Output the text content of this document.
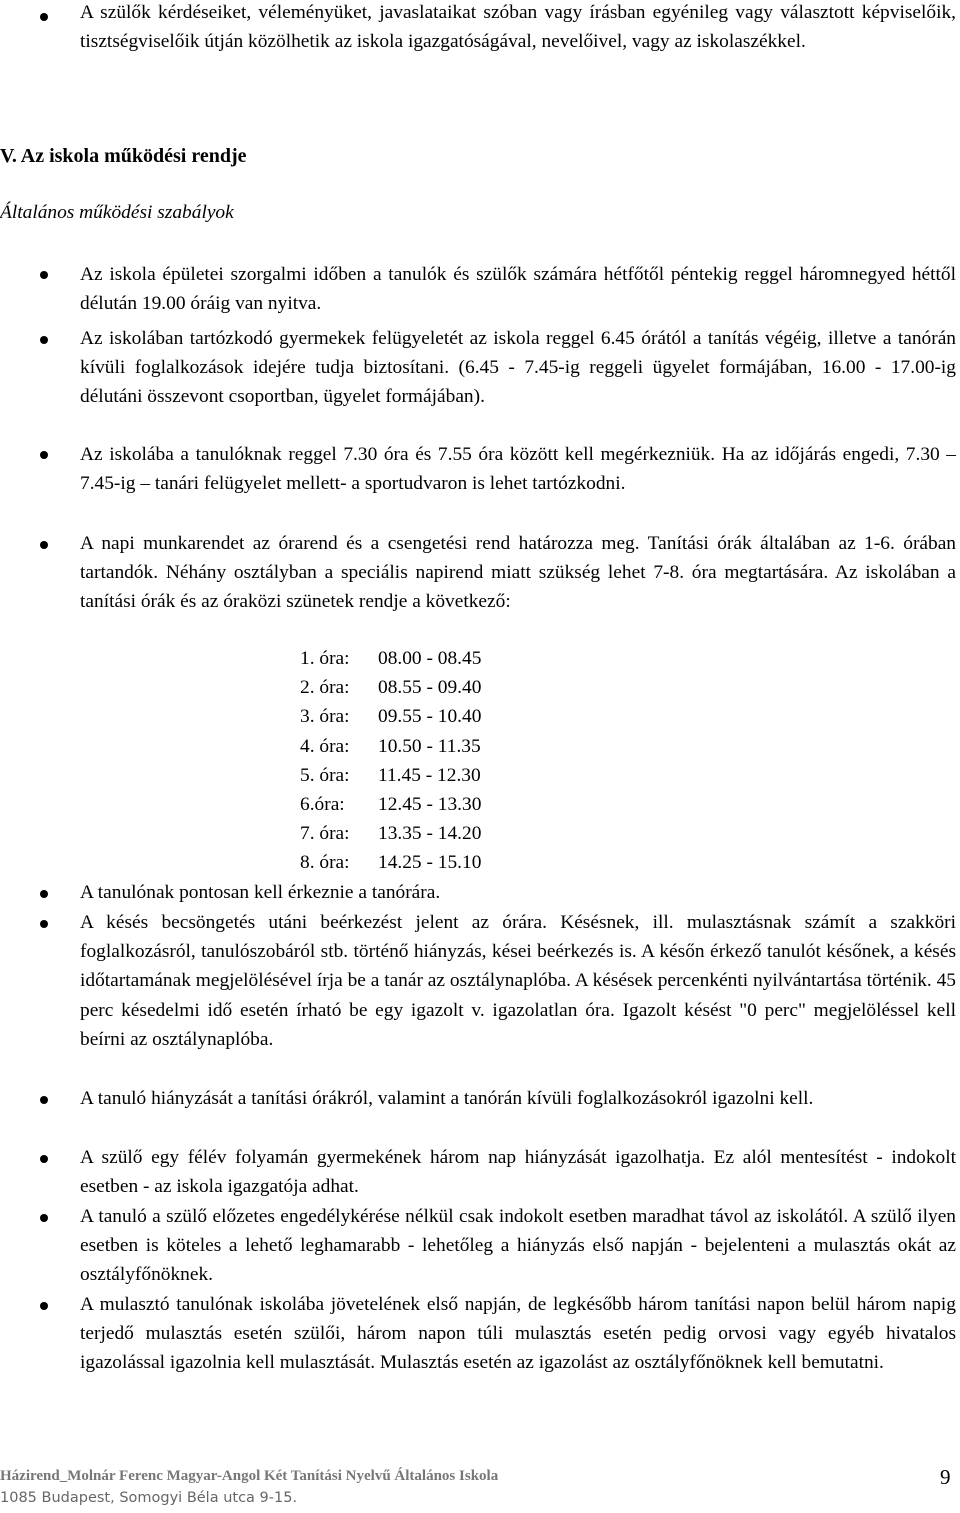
A szülők kérdéseiket, véleményüket, javaslataikat szóban vagy írásban egyénileg vagy választott képviselőik, tisztségviselőik útján közölhetik az iskola igazgatóságával, nevelőivel, vagy az iskolaszékkel.

V. Az iskola működési rendje
Általános működési szabályok

Az iskola épületei szorgalmi időben a tanulók és szülők számára hétfőtől péntekig reggel háromnegyed héttől délután 19.00 óráig van nyitva.

Az iskolában tartózkodó gyermekek felügyeletét az iskola reggel 6.45 órától a tanítás végéig, illetve a tanórán kívüli foglalkozások idejére tudja biztosítani. (6.45 - 7.45-ig reggeli ügyelet formájában, 16.00 - 17.00-ig délutáni összevont csoportban, ügyelet formájában).

Az iskolába a tanulóknak reggel 7.30 óra és 7.55 óra között kell megérkezniük. Ha az időjárás engedi, 7.30 – 7.45-ig – tanári felügyelet mellett- a sportudvaron is lehet tartózkodni.

A napi munkarendet az órarend és a csengetési rend határozza meg. Tanítási órák általában az 1-6. órában tartandók. Néhány osztályban a speciális napirend miatt szükség lehet 7-8. óra megtartására. Az iskolában a tanítási órák és az óraközi szünetek rendje a következő:

1. óra:	08.00 - 08.45
2. óra:	08.55 - 09.40
3. óra:	09.55 - 10.40
4. óra:	10.50 - 11.35
5. óra:	11.45 - 12.30
6.óra:	12.45 - 13.30
7. óra:	13.35 - 14.20
8. óra:	14.25 - 15.10

A tanulónak pontosan kell érkeznie a tanórára.

A késés becsöngetés utáni beérkezést jelent az órára. Késésnek, ill. mulasztásnak számít a szakköri foglalkozásról, tanulószobáról stb. történő hiányzás, kései beérkezés is. A későn érkező tanulót későnek, a késés időtartamának megjelölésével írja be a tanár az osztálynaplóba. A késések percenkénti nyilvántartása történik. 45 perc késedelmi idő esetén írható be egy igazolt v. igazolatlan óra. Igazolt késést "0 perc" megjelöléssel kell beírni az osztálynaplóba.

A tanuló hiányzását a tanítási órákról, valamint a tanórán kívüli foglalkozásokról igazolni kell.

A szülő egy félév folyamán gyermekének három nap hiányzását igazolhatja. Ez alól mentesítést - indokolt esetben - az iskola igazgatója adhat.

A tanuló a szülő előzetes engedélykérése nélkül csak indokolt esetben maradhat távol az iskolától. A szülő ilyen esetben is köteles a lehető leghamarabb - lehetőleg a hiányzás első napján - bejelenteni a mulasztás okát az osztályfőnöknek.

A mulasztó tanulónak iskolába jövetelének első napján, de legkésőbb három tanítási napon belül három napig terjedő mulasztás esetén szülői, három napon túli mulasztás esetén pedig orvosi vagy egyéb hivatalos igazolással igazolnia kell mulasztását. Mulasztás esetén az igazolást az osztályfőnöknek kell bemutatni.

Házirend_Molnár Ferenc Magyar-Angol Két Tanítási Nyelvű Általános Iskola
1085 Budapest, Somogyi Béla utca 9-15.
9
